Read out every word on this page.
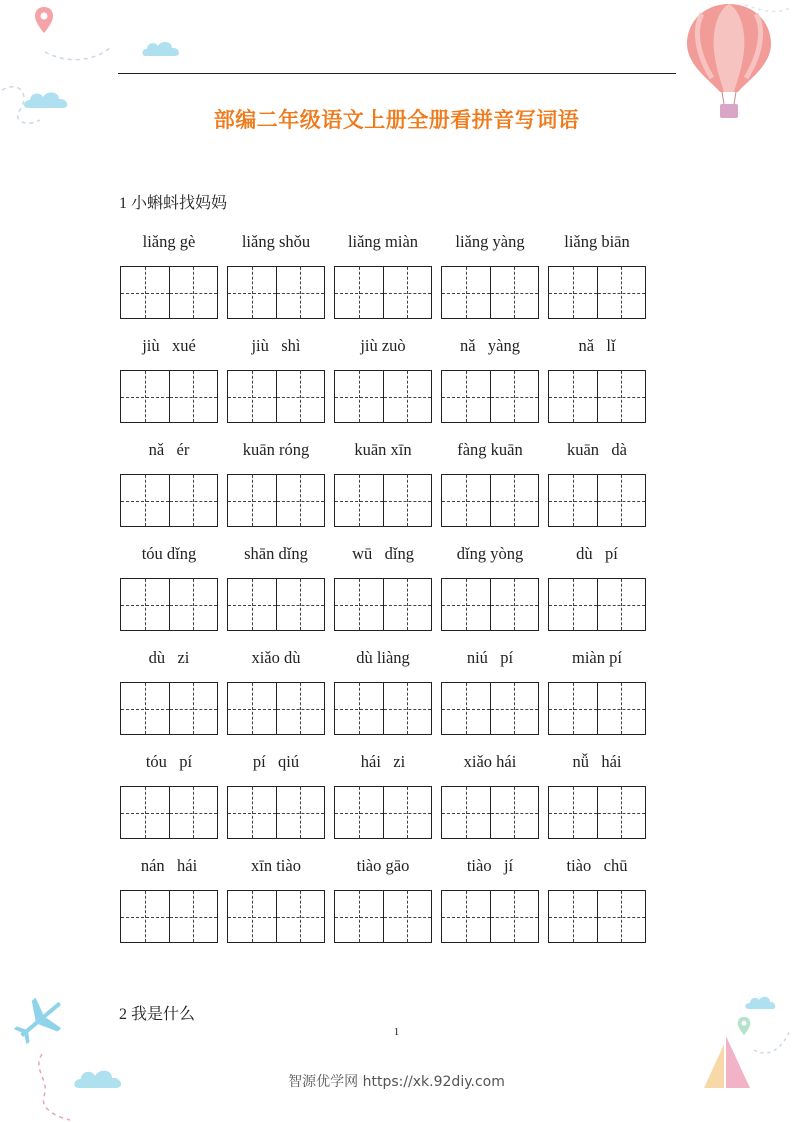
部编二年级语文上册全册看拼音写词语
1 小蝌蚪找妈妈
liǎng gè	liǎng shǒu	liǎng miàn	liǎng yàng	liǎng biān
jiù   xué	jiù   shì	jiù zuò	nǎ   yàng	nǎ   lǐ
nǎ   ér	kuān róng	kuān xīn	fàng kuān	kuān   dà
tóu dǐng	shān dǐng	wū   dǐng	dǐng yòng	dù   pí
dù   zi	xiǎo dù	dù liàng	niú   pí	miàn pí
tóu   pí	pí   qiú	hái   zi	xiǎo hái	nǚ   hái
nán   hái	xīn tiào	tiào gāo	tiào   jí	tiào   chū
2 我是什么
1
智源优学网 https://xk.92diy.com
